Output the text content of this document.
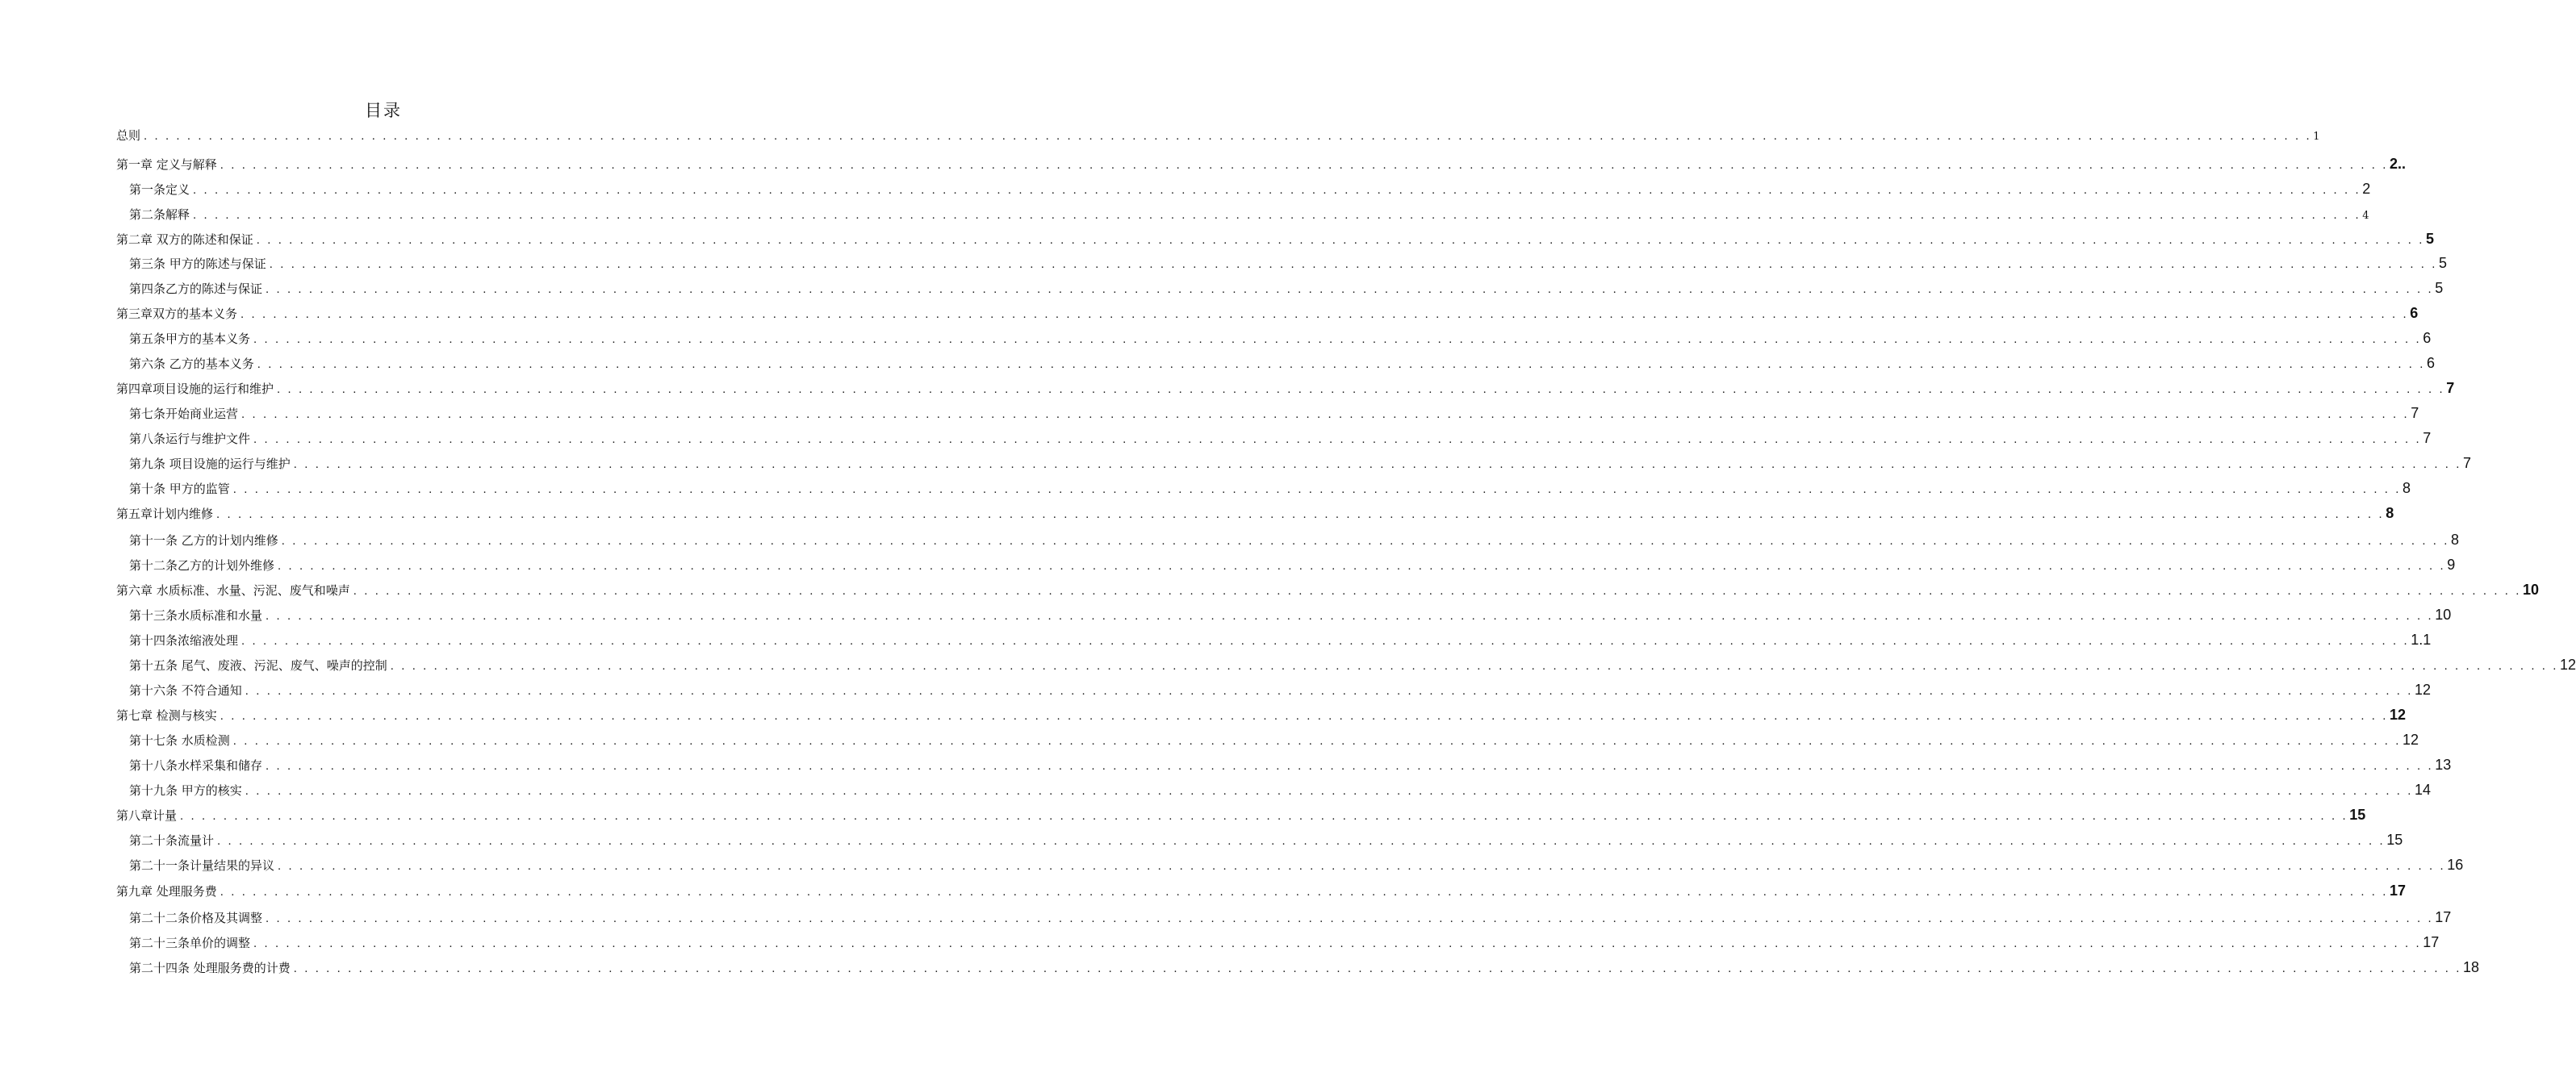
目录
总则 . . . . . . . . . . . . . . . . . . . . . . . . . . . . . . . . . . . . . . . . . . . . . . . . . . . . . . . . . . . . . . . . . . . . . . . . . . . . . . . . . . . . . . . . . . . . . . . . . . . . . . . . . . . . . . . . . . . . . . . . . . . . . . . . . . . . . . . . . . . . . . . . . . . . . . . . . . . . . . . . . . . . . . . . . . . . . . . . . . . . . . . . . . . . . . . . . . . . . . . . 1
第一章 定义与解释 . . . . . . . . . . . . . . . . . . . . . . . . . . . . . . . . . . . . . . . . . . . . . . . . . . . . . . . . . . . . . . . . . . . . . . . . . . . . . . . . . . . . . . . . . . . . . . . . . . . . . . . . . . . . . . . . . . . . . . . . . . . . . . . . . . . . . . . . . . . . . . . . . . . . . . . . . . . . . . . . . . . . . . . . . . . . . . . . . . . . . . . . . . . . . . . . . . . . . . . . 2..
第一条定义 . . . . . . . . . . . . . . . . . . . . . . . . . . . . . . . . . . . . . . . . . . . . . . . . . . . . . . . . . . . . . . . . . . . . . . . . . . . . . . . . . . . . . . . . . . . . . . . . . . . . . . . . . . . . . . . . . . . . . . . . . . . . . . . . . . . . . . . . . . . . . . . . . . . . . . . . . . . . . . . . . . . . . . . . . . . . . . . . . . . . . . . . . . . . . . . . . . . . . . . . 2
第二条解释 . . . . . . . . . . . . . . . . . . . . . . . . . . . . . . . . . . . . . . . . . . . . . . . . . . . . . . . . . . . . . . . . . . . . . . . . . . . . . . . . . . . . . . . . . . . . . . . . . . . . . . . . . . . . . . . . . . . . . . . . . . . . . . . . . . . . . . . . . . . . . . . . . . . . . . . . . . . . . . . . . . . . . . . . . . . . . . . . . . . . . . . . . . . . . . . . . . . . . . . . 4
第二章 双方的陈述和保证 . . . . . . . . . . . . . . . . . . . . . . . . . . . . . . . . . . . . . . . . . . . . . . . . . . . . . . . . . . . . . . . . . . . . . . . . . . . . . . . . . . . . . . . . . . . . . . . . . . . . . . . . . . . . . . . . . . . . . . . . . . . . . . . . . . . . . . . . . . . . . . . . . . . . . . . . . . . . . . . . . . . . . . . . . . . . . . . . . . . . . . . . . . . . . . . . . . . . . . . . 5
第三条 甲方的陈述与保证 . . . . . . . . . . . . . . . . . . . . . . . . . . . . . . . . . . . . . . . . . . . . . . . . . . . . . . . . . . . . . . . . . . . . . . . . . . . . . . . . . . . . . . . . . . . . . . . . . . . . . . . . . . . . . . . . . . . . . . . . . . . . . . . . . . . . . . . . . . . . . . . . . . . . . . . . . . . . . . . . . . . . . . . . . . . . . . . . . . . . . . . . . . . . . . . . . . . . . . . . 5
第四条乙方的陈述与保证 . . . . . . . . . . . . . . . . . . . . . . . . . . . . . . . . . . . . . . . . . . . . . . . . . . . . . . . . . . . . . . . . . . . . . . . . . . . . . . . . . . . . . . . . . . . . . . . . . . . . . . . . . . . . . . . . . . . . . . . . . . . . . . . . . . . . . . . . . . . . . . . . . . . . . . . . . . . . . . . . . . . . . . . . . . . . . . . . . . . . . . . . . . . . . . . . . . . . . . . . 5
第三章双方的基本义务 . . . . . . . . . . . . . . . . . . . . . . . . . . . . . . . . . . . . . . . . . . . . . . . . . . . . . . . . . . . . . . . . . . . . . . . . . . . . . . . . . . . . . . . . . . . . . . . . . . . . . . . . . . . . . . . . . . . . . . . . . . . . . . . . . . . . . . . . . . . . . . . . . . . . . . . . . . . . . . . . . . . . . . . . . . . . . . . . . . . . . . . . . . . . . . . . . . . . . . . . 6
第五条甲方的基本义务 . . . . . . . . . . . . . . . . . . . . . . . . . . . . . . . . . . . . . . . . . . . . . . . . . . . . . . . . . . . . . . . . . . . . . . . . . . . . . . . . . . . . . . . . . . . . . . . . . . . . . . . . . . . . . . . . . . . . . . . . . . . . . . . . . . . . . . . . . . . . . . . . . . . . . . . . . . . . . . . . . . . . . . . . . . . . . . . . . . . . . . . . . . . . . . . . . . . . . . . . 6
第六条 乙方的基本义务 . . . . . . . . . . . . . . . . . . . . . . . . . . . . . . . . . . . . . . . . . . . . . . . . . . . . . . . . . . . . . . . . . . . . . . . . . . . . . . . . . . . . . . . . . . . . . . . . . . . . . . . . . . . . . . . . . . . . . . . . . . . . . . . . . . . . . . . . . . . . . . . . . . . . . . . . . . . . . . . . . . . . . . . . . . . . . . . . . . . . . . . . . . . . . . . . . . . . . . . . 6
第四章项目设施的运行和维护 . . . . . . . . . . . . . . . . . . . . . . . . . . . . . . . . . . . . . . . . . . . . . . . . . . . . . . . . . . . . . . . . . . . . . . . . . . . . . . . . . . . . . . . . . . . . . . . . . . . . . . . . . . . . . . . . . . . . . . . . . . . . . . . . . . . . . . . . . . . . . . . . . . . . . . . . . . . . . . . . . . . . . . . . . . . . . . . . . . . . . . . . . . . . . . . . . . . . . . . . 7
第七条开始商业运营 . . . . . . . . . . . . . . . . . . . . . . . . . . . . . . . . . . . . . . . . . . . . . . . . . . . . . . . . . . . . . . . . . . . . . . . . . . . . . . . . . . . . . . . . . . . . . . . . . . . . . . . . . . . . . . . . . . . . . . . . . . . . . . . . . . . . . . . . . . . . . . . . . . . . . . . . . . . . . . . . . . . . . . . . . . . . . . . . . . . . . . . . . . . . . . . . . . . . . . . . 7
第八条运行与维护文件 . . . . . . . . . . . . . . . . . . . . . . . . . . . . . . . . . . . . . . . . . . . . . . . . . . . . . . . . . . . . . . . . . . . . . . . . . . . . . . . . . . . . . . . . . . . . . . . . . . . . . . . . . . . . . . . . . . . . . . . . . . . . . . . . . . . . . . . . . . . . . . . . . . . . . . . . . . . . . . . . . . . . . . . . . . . . . . . . . . . . . . . . . . . . . . . . . . . . . . . . 7
第九条 项目设施的运行与维护 . . . . . . . . . . . . . . . . . . . . . . . . . . . . . . . . . . . . . . . . . . . . . . . . . . . . . . . . . . . . . . . . . . . . . . . . . . . . . . . . . . . . . . . . . . . . . . . . . . . . . . . . . . . . . . . . . . . . . . . . . . . . . . . . . . . . . . . . . . . . . . . . . . . . . . . . . . . . . . . . . . . . . . . . . . . . . . . . . . . . . . . . . . . . . . . . . . . . . . . . 7
第十条 甲方的监管 . . . . . . . . . . . . . . . . . . . . . . . . . . . . . . . . . . . . . . . . . . . . . . . . . . . . . . . . . . . . . . . . . . . . . . . . . . . . . . . . . . . . . . . . . . . . . . . . . . . . . . . . . . . . . . . . . . . . . . . . . . . . . . . . . . . . . . . . . . . . . . . . . . . . . . . . . . . . . . . . . . . . . . . . . . . . . . . . . . . . . . . . . . . . . . . . . . . . . . . . 8
第五章计划内维修 . . . . . . . . . . . . . . . . . . . . . . . . . . . . . . . . . . . . . . . . . . . . . . . . . . . . . . . . . . . . . . . . . . . . . . . . . . . . . . . . . . . . . . . . . . . . . . . . . . . . . . . . . . . . . . . . . . . . . . . . . . . . . . . . . . . . . . . . . . . . . . . . . . . . . . . . . . . . . . . . . . . . . . . . . . . . . . . . . . . . . . . . . . . . . . . . . . . . . . . . 8
第十一条 乙方的计划内维修 . . . . . . . . . . . . . . . . . . . . . . . . . . . . . . . . . . . . . . . . . . . . . . . . . . . . . . . . . . . . . . . . . . . . . . . . . . . . . . . . . . . . . . . . . . . . . . . . . . . . . . . . . . . . . . . . . . . . . . . . . . . . . . . . . . . . . . . . . . . . . . . . . . . . . . . . . . . . . . . . . . . . . . . . . . . . . . . . . . . . . . . . . . . . . . . . . . . . . . . . 8
第十二条乙方的计划外维修 . . . . . . . . . . . . . . . . . . . . . . . . . . . . . . . . . . . . . . . . . . . . . . . . . . . . . . . . . . . . . . . . . . . . . . . . . . . . . . . . . . . . . . . . . . . . . . . . . . . . . . . . . . . . . . . . . . . . . . . . . . . . . . . . . . . . . . . . . . . . . . . . . . . . . . . . . . . . . . . . . . . . . . . . . . . . . . . . . . . . . . . . . . . . . . . . . . . . . . . . 9
第六章 水质标准、水量、污泥、废气和噪声 . . . . . . . . . . . . . . . . . . . . . . . . . . . . . . . . . . . . . . . . . . . . . . . . . . . . . . . . . . . . . . . . . . . . . . . . . . . . . . . . . . . . . . . . . . . . . . . . . . . . . . . . . . . . . . . . . . . . . . . . . . . . . . . . . . . . . . . . . . . . . . . . . . . . . . . . . . . . . . . . . . . . . . . . . . . . . . . . . . . . . . . . . . . . . . . . . . . . . . . . 10
第十三条水质标准和水量 . . . . . . . . . . . . . . . . . . . . . . . . . . . . . . . . . . . . . . . . . . . . . . . . . . . . . . . . . . . . . . . . . . . . . . . . . . . . . . . . . . . . . . . . . . . . . . . . . . . . . . . . . . . . . . . . . . . . . . . . . . . . . . . . . . . . . . . . . . . . . . . . . . . . . . . . . . . . . . . . . . . . . . . . . . . . . . . . . . . . . . . . . . . . . . . . . . . . . . . . 10
第十四条浓缩液处理 . . . . . . . . . . . . . . . . . . . . . . . . . . . . . . . . . . . . . . . . . . . . . . . . . . . . . . . . . . . . . . . . . . . . . . . . . . . . . . . . . . . . . . . . . . . . . . . . . . . . . . . . . . . . . . . . . . . . . . . . . . . . . . . . . . . . . . . . . . . . . . . . . . . . . . . . . . . . . . . . . . . . . . . . . . . . . . . . . . . . . . . . . . . . . . . . . . . . . . . . 1.1
第十五条 尾气、废液、污泥、废气、噪声的控制 . . . . . . . . . . . . . . . . . . . . . . . . . . . . . . . . . . . . . . . . . . . . . . . . . . . . . . . . . . . . . . . . . . . . . . . . . . . . . . . . . . . . . . . . . . . . . . . . . . . . . . . . . . . . . . . . . . . . . . . . . . . . . . . . . . . . . . . . . . . . . . . . . . . . . . . . . . . . . . . . . . . . . . . . . . . . . . . . . . . . . . . . . . . . . . . . . . . . . . . . 12
第十六条 不符合通知 . . . . . . . . . . . . . . . . . . . . . . . . . . . . . . . . . . . . . . . . . . . . . . . . . . . . . . . . . . . . . . . . . . . . . . . . . . . . . . . . . . . . . . . . . . . . . . . . . . . . . . . . . . . . . . . . . . . . . . . . . . . . . . . . . . . . . . . . . . . . . . . . . . . . . . . . . . . . . . . . . . . . . . . . . . . . . . . . . . . . . . . . . . . . . . . . . . . . . . . . 12
第七章 检测与核实 . . . . . . . . . . . . . . . . . . . . . . . . . . . . . . . . . . . . . . . . . . . . . . . . . . . . . . . . . . . . . . . . . . . . . . . . . . . . . . . . . . . . . . . . . . . . . . . . . . . . . . . . . . . . . . . . . . . . . . . . . . . . . . . . . . . . . . . . . . . . . . . . . . . . . . . . . . . . . . . . . . . . . . . . . . . . . . . . . . . . . . . . . . . . . . . . . . . . . . . . 12
第十七条 水质检测 . . . . . . . . . . . . . . . . . . . . . . . . . . . . . . . . . . . . . . . . . . . . . . . . . . . . . . . . . . . . . . . . . . . . . . . . . . . . . . . . . . . . . . . . . . . . . . . . . . . . . . . . . . . . . . . . . . . . . . . . . . . . . . . . . . . . . . . . . . . . . . . . . . . . . . . . . . . . . . . . . . . . . . . . . . . . . . . . . . . . . . . . . . . . . . . . . . . . . . . . 12
第十八条水样采集和储存 . . . . . . . . . . . . . . . . . . . . . . . . . . . . . . . . . . . . . . . . . . . . . . . . . . . . . . . . . . . . . . . . . . . . . . . . . . . . . . . . . . . . . . . . . . . . . . . . . . . . . . . . . . . . . . . . . . . . . . . . . . . . . . . . . . . . . . . . . . . . . . . . . . . . . . . . . . . . . . . . . . . . . . . . . . . . . . . . . . . . . . . . . . . . . . . . . . . . . . . . 13
第十九条 甲方的核实 . . . . . . . . . . . . . . . . . . . . . . . . . . . . . . . . . . . . . . . . . . . . . . . . . . . . . . . . . . . . . . . . . . . . . . . . . . . . . . . . . . . . . . . . . . . . . . . . . . . . . . . . . . . . . . . . . . . . . . . . . . . . . . . . . . . . . . . . . . . . . . . . . . . . . . . . . . . . . . . . . . . . . . . . . . . . . . . . . . . . . . . . . . . . . . . . . . . . . . . . 14
第八章计量 . . . . . . . . . . . . . . . . . . . . . . . . . . . . . . . . . . . . . . . . . . . . . . . . . . . . . . . . . . . . . . . . . . . . . . . . . . . . . . . . . . . . . . . . . . . . . . . . . . . . . . . . . . . . . . . . . . . . . . . . . . . . . . . . . . . . . . . . . . . . . . . . . . . . . . . . . . . . . . . . . . . . . . . . . . . . . . . . . . . . . . . . . . . . . . . . . . . . . . . . 15
第二十条流量计 . . . . . . . . . . . . . . . . . . . . . . . . . . . . . . . . . . . . . . . . . . . . . . . . . . . . . . . . . . . . . . . . . . . . . . . . . . . . . . . . . . . . . . . . . . . . . . . . . . . . . . . . . . . . . . . . . . . . . . . . . . . . . . . . . . . . . . . . . . . . . . . . . . . . . . . . . . . . . . . . . . . . . . . . . . . . . . . . . . . . . . . . . . . . . . . . . . . . . . . . 15
第二十一条计量结果的异议 . . . . . . . . . . . . . . . . . . . . . . . . . . . . . . . . . . . . . . . . . . . . . . . . . . . . . . . . . . . . . . . . . . . . . . . . . . . . . . . . . . . . . . . . . . . . . . . . . . . . . . . . . . . . . . . . . . . . . . . . . . . . . . . . . . . . . . . . . . . . . . . . . . . . . . . . . . . . . . . . . . . . . . . . . . . . . . . . . . . . . . . . . . . . . . . . . . . . . . . . 16
第九章 处理服务费 . . . . . . . . . . . . . . . . . . . . . . . . . . . . . . . . . . . . . . . . . . . . . . . . . . . . . . . . . . . . . . . . . . . . . . . . . . . . . . . . . . . . . . . . . . . . . . . . . . . . . . . . . . . . . . . . . . . . . . . . . . . . . . . . . . . . . . . . . . . . . . . . . . . . . . . . . . . . . . . . . . . . . . . . . . . . . . . . . . . . . . . . . . . . . . . . . . . . . . . . 17
第二十二条价格及其调整 . . . . . . . . . . . . . . . . . . . . . . . . . . . . . . . . . . . . . . . . . . . . . . . . . . . . . . . . . . . . . . . . . . . . . . . . . . . . . . . . . . . . . . . . . . . . . . . . . . . . . . . . . . . . . . . . . . . . . . . . . . . . . . . . . . . . . . . . . . . . . . . . . . . . . . . . . . . . . . . . . . . . . . . . . . . . . . . . . . . . . . . . . . . . . . . . . . . . . . . . 17
第二十三条单价的调整 . . . . . . . . . . . . . . . . . . . . . . . . . . . . . . . . . . . . . . . . . . . . . . . . . . . . . . . . . . . . . . . . . . . . . . . . . . . . . . . . . . . . . . . . . . . . . . . . . . . . . . . . . . . . . . . . . . . . . . . . . . . . . . . . . . . . . . . . . . . . . . . . . . . . . . . . . . . . . . . . . . . . . . . . . . . . . . . . . . . . . . . . . . . . . . . . . . . . . . . . 17
第二十四条 处理服务费的计费 . . . . . . . . . . . . . . . . . . . . . . . . . . . . . . . . . . . . . . . . . . . . . . . . . . . . . . . . . . . . . . . . . . . . . . . . . . . . . . . . . . . . . . . . . . . . . . . . . . . . . . . . . . . . . . . . . . . . . . . . . . . . . . . . . . . . . . . . . . . . . . . . . . . . . . . . . . . . . . . . . . . . . . . . . . . . . . . . . . . . . . . . . . . . . . . . . . . . . . . . 18
